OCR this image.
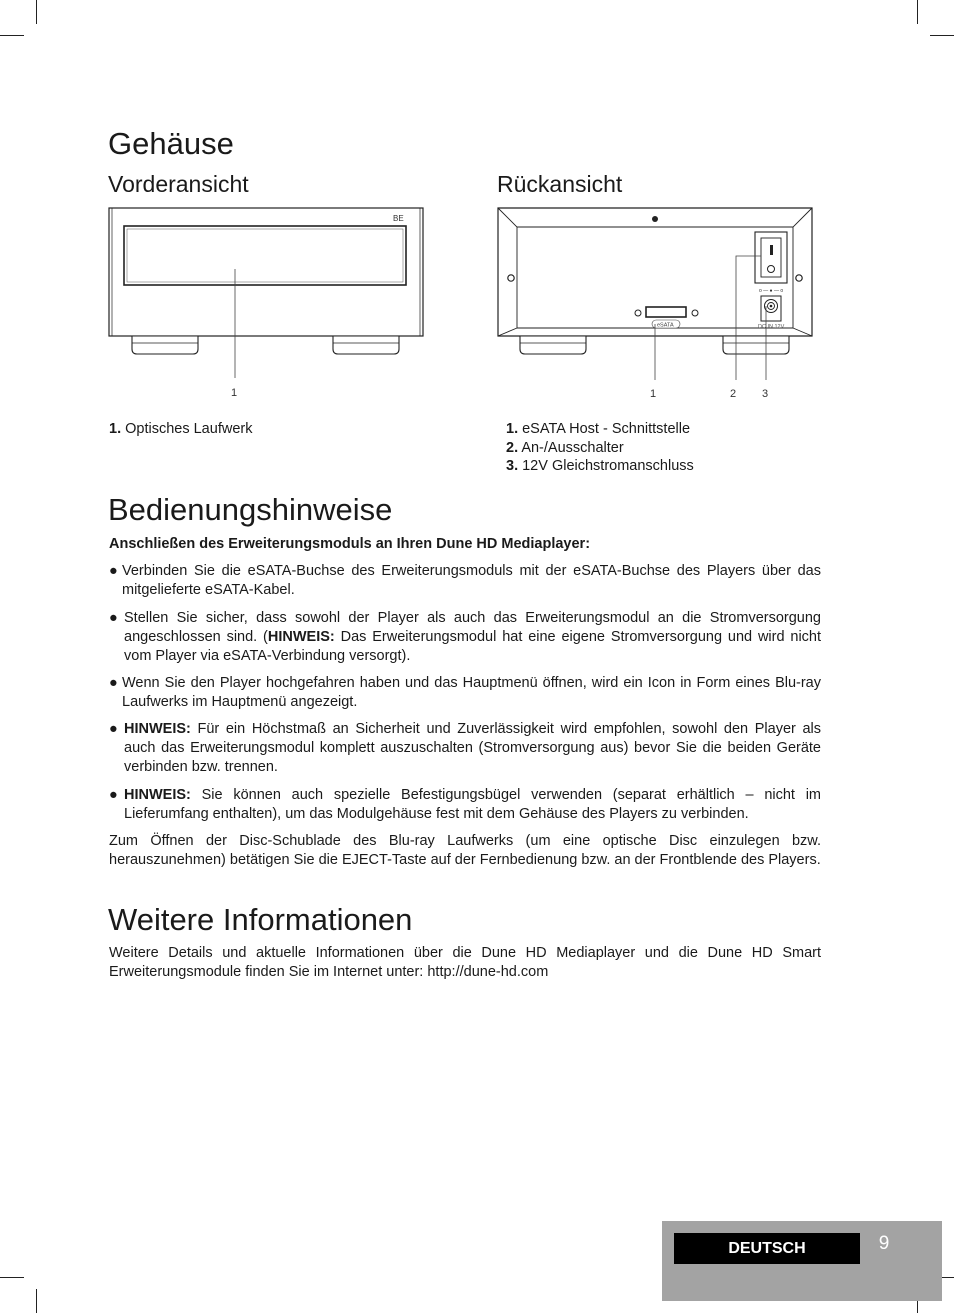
Gehäuse
Vorderansicht	Rückansicht
BE
1
o — ● — o
DC IN 12V
eSATA
1	2 3
1. Optisches Laufwerk	1. eSATA Host - Schnittstelle
2. An-/Ausschalter
3. 12V Gleichstromanschluss
Bedienungshinweise

Anschließen des Erweiterungsmoduls an Ihren Dune HD Mediaplayer:

● Verbinden Sie die eSATA-Buchse des Erweiterungsmoduls mit der eSATA-Buchse des Players über das mitgelieferte eSATA-Kabel.
● Stellen Sie sicher, dass sowohl der Player als auch das Erweiterungsmodul an die Stromversorgung angeschlossen sind. (HINWEIS: Das Erweiterungsmodul hat eine eigene Stromversorgung und wird nicht vom Player via eSATA-Verbindung versorgt).
● Wenn Sie den Player hochgefahren haben und das Hauptmenü öffnen, wird ein Icon in Form eines Blu-ray Laufwerks im Hauptmenü angezeigt.
● HINWEIS: Für ein Höchstmaß an Sicherheit und Zuverlässigkeit wird empfohlen, sowohl den Player als auch das Erweiterungsmodul komplett auszuschalten (Stromversorgung aus) bevor Sie die beiden Geräte verbinden bzw. trennen.
● HINWEIS: Sie können auch spezielle Befestigungsbügel verwenden (separat erhältlich – nicht im Lieferumfang enthalten), um das Modulgehäuse fest mit dem Gehäuse des Players zu verbinden.

Zum Öffnen der Disc-Schublade des Blu-ray Laufwerks (um eine optische Disc einzulegen bzw. herauszunehmen) betätigen Sie die EJECT-Taste auf der Fernbedienung bzw. an der Frontblende des Players.

Weitere Informationen

Weitere Details und aktuelle Informationen über die Dune HD Mediaplayer und die Dune HD Smart Erweiterungsmodule finden Sie im Internet unter: http://dune-hd.com

DEUTSCH	9
